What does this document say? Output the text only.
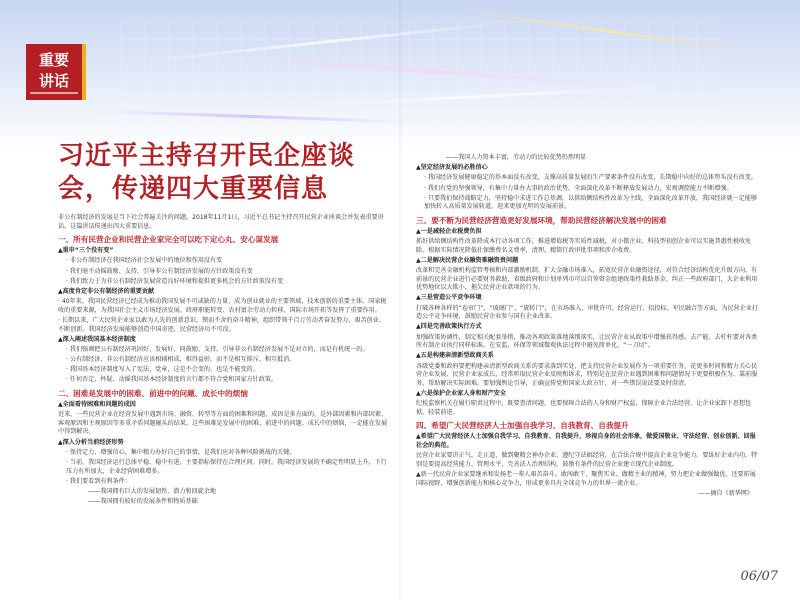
重要
讲话
习近平主持召开民企座谈会，传递四大重要信息

非公有制经济的发展是当下社会普遍关注的问题。2018年11月1日，习近平总书记主持召开民营企业座谈会并发表重要讲话。这篇讲话传递出四大重要信息。

一、所有民营企业和民营企业家完全可以吃下定心丸、安心谋发展

▲重申“三个没有变”

· 非公有制经济在我国经济社会发展中的地位和作用没有变

· 我们毫不动摇鼓励、支持、引导非公有制经济发展的方针政策没有变

· 我们致力于为非公有制经济发展营造良好环境和提供更多机会的方针政策没有变

▲高度肯定非公有制经济的重要贡献

· 40年来，我国民营经济已经成为推动我国发展不可或缺的力量，成为创业就业的主要领域、技术创新的重要主体、国家税收的重要来源，为我国社会主义市场经济发展、政府职能转变、农村富余劳动力转移、国际市场开拓等发挥了重要作用。

· 长期以来，广大民营企业家以敢为人先的创新意识、锲而不舍的奋斗精神，组织带领千百万劳动者奋发努力、艰苦创业、不断创新。我国经济发展能够创造中国奇迹，民营经济功不可没。

▲深入阐述我国基本经济制度

· 我们强调把公有制经济巩固好、发展好，同鼓励、支持、引导非公有制经济发展不是对立的，而是有机统一的。

· 公有制经济、非公有制经济应该相辅相成、相得益彰，而不是相互排斥、相互抵消。

· 我国基本经济制度写入了宪法、党章，这是不会变的，也是不能变的。

· 任何否定、怀疑、动摇我国基本经济制度的言行都不符合党和国家方针政策。

二、困难是发展中的困难、前进中的问题、成长中的烦恼

▲全面看待困难和问题的成因

近来，一些民营企业在经营发展中遇到市场、融资、转型等方面的困难和问题，成因是多方面的，是外部因素和内部因素、客观原因和主观原因等多重矛盾问题碰头的结果。这些困难是发展中的困难、前进中的问题、成长中的烦恼，一定能在发展中得到解决。

▲深入分析当前经济形势

· 保持定力，增强信心，集中精力办好自己的事情，是我们应对各种风险挑战的关键。

· 当前，我国经济运行总体平稳、稳中有进，主要指标保持在合理区间。同时，我国经济发展的不确定性明显上升，下行压力有所加大，企业经营困难增多。

· 我们要看到有利条件：

——我国拥有巨大的发展韧性、潜力和回旋余地

——我国拥有较好的发展条件和物质基础

——我国人力资本丰富，劳动力的比较优势仍然明显

▲坚定经济发展的必胜信心

· 我国经济发展健康稳定的基本面没有改变，支撑高质量发展的生产要素条件没有改变，长期稳中向好的总体势头没有改变。

· 我们有党的坚强领导，有集中力量办大事的政治优势，全面深化改革不断释放发展动力，宏观调控能力不断增强。

· 只要我们保持战略定力，坚持稳中求进工作总基调，以供给侧结构性改革为主线，全面深化改革开放，我国经济就一定能够加快转入高质量发展轨道，迎来更加光明的发展前景。

三、要不断为民营经济营造更好发展环境，帮助民营经济解决发展中的困难

▲一是减轻企业税费负担

抓好供给侧结构性改革降成本行动各项工作，推进增值税等实质性减税，对小微企业、科技型初创企业可以实施普惠性税收免除。根据实际情况降低社保缴费名义费率，清理、精简行政审批事项和涉企收费。

▲二是解决民营企业融资难融资贵问题

改革和完善金融机构监管考核和内部激励机制，扩大金融市场准入，拓宽民营企业融资途径，对符合经济结构优化升级方向、有前景的民营企业进行必要财务救助，省级政府和计划单列市可以自筹资金组建政策性救助基金，纠正一些政府部门、大企业利用优势地位以大欺小、拖欠民营企业款项的行为。

▲三是营造公平竞争环境

打破各种各样的“卷帘门”、“玻璃门”、“旋转门”，在市场准入、审批许可、经营运行、招投标、军民融合等方面，为民营企业打造公平竞争环境，鼓励民营企业参与国有企业改革。

▲四是完善政策执行方式

加强政策协调性，制定相关配套举措，推动各项政策落地落细落实，让民营企业从政策中增强获得感。去产能、去杠杆要对各类所有制企业执行同样标准，在安监、环保等领域微观执法过程中避免简单化、“一刀切”。

▲五是构建亲清新型政商关系

各级党委和政府要把构建亲清新型政商关系的要求落到实处，把支持民营企业发展作为一项重要任务，花更多时间和精力关心民营企业发展、民营企业家成长，经常听取民营企业反映和诉求，特别是在民营企业遇到困难和问题情况下更要积极作为、靠前服务，帮助解决实际困难。要加强舆论引导，正确宣传党和国家大政方针，对一些错误说法要及时澄清。

▲六是保护企业家人身和财产安全

纪检监察机关在履行职责过程中，既要查清问题，也要保障合法的人身和财产权益，保障企业合法经营。让企业家卸下思想包袱，轻装前进。

四、希望广大民营经济人士加强自我学习、自我教育、自我提升

▲希望广大民营经济人士加强自我学习、自我教育、自我提升，珍视自身的社会形象，做爱国敬业、守法经营、创业创新、回报社会的典范。

民营企业家要讲正气、走正道，做到聚精会神办企业、遵纪守法搞经营，在合法合规中提高企业竞争能力。要练好企业内功，特别是要提高经营能力、管理水平，完善法人治理结构，鼓励有条件的民营企业建立现代企业制度。

▲新一代民营企业家要继承和发扬老一辈人艰苦奋斗、敢闯敢干、聚焦实业、做精主业的精神，努力把企业做强做优。还要拓展国际视野，增强创新能力和核心竞争力，形成更多具有全球竞争力的世界一流企业。

——摘自《新华网》

06/07
